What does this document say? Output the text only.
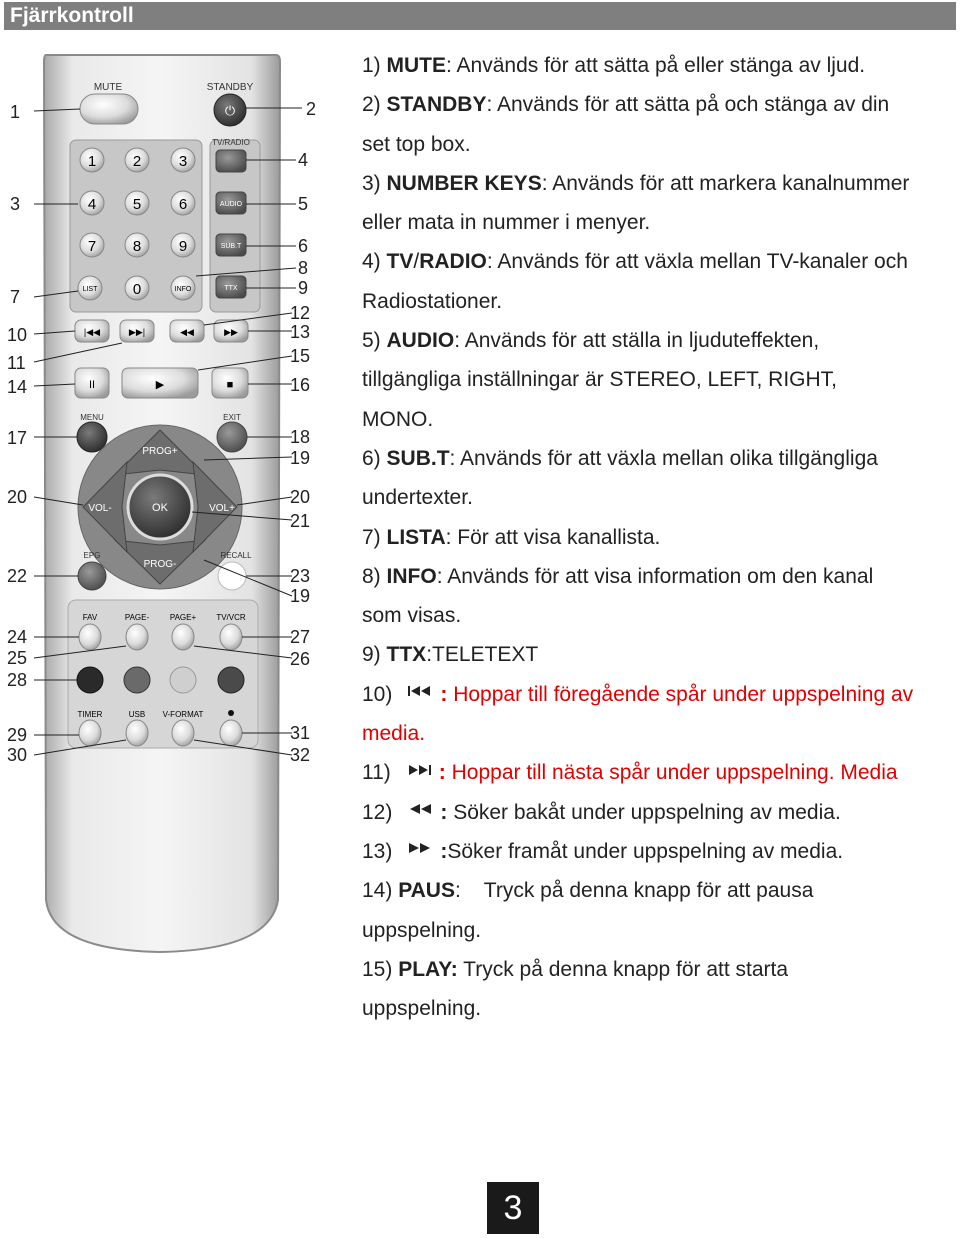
Fjärrkontroll
MUTE	STANDBY
⏻
1 2	3
4 5	6
7 8	9
0
LIST	INFO
TV/RADIO
AUDIO
SUB.T
TTX
|◀◀	▶▶|	◀◀	▶▶
II	▶	■
MENU	EXIT
PROG+
PROG-
VOL-	VOL+
OK
EPG	RECALL
FAV	PAGE-	PAGE+	TV/VCR
TIMER	USB V-FORMAT
1	2
3
4
5
6
7
8
9
10
11
12
13
14
15
16
17	18
19
20	20
21
22	23
19
24	27
25	26
28
29	31
30	32
1) MUTE: Används för att sätta på eller stänga av ljud.
2) STANDBY: Används för att sätta på och stänga av din
set top box.
3) NUMBER KEYS: Används för att markera kanalnummer
eller mata in nummer i menyer.
4) TV/RADIO: Används för att växla mellan TV-kanaler och
Radiostationer.
5) AUDIO: Används för att ställa in ljuduteffekten,
tillgängliga inställningar är STEREO, LEFT, RIGHT,
MONO.
6) SUB.T: Används för att växla mellan olika tillgängliga
undertexter.
7) LISTA: För att visa kanallista.
8) INFO: Används för att visa information om den kanal
som visas.
9) TTX:TELETEXT
10) : Hoppar till föregående spår under uppspelning av
media.
11) : Hoppar till nästa spår under uppspelning. Media
12) : Söker bakåt under uppspelning av media.
13) :Söker framåt under uppspelning av media.
14) PAUS:    Tryck på denna knapp för att pausa
uppspelning.
15) PLAY: Tryck på denna knapp för att starta
uppspelning.
3
